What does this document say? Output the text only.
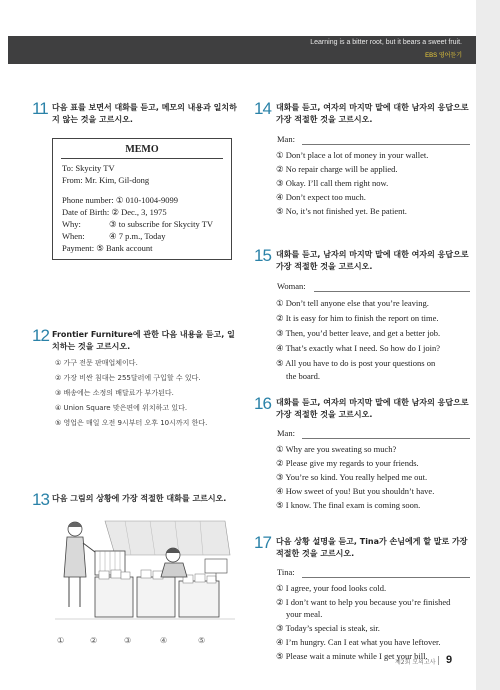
Learning is a bitter root, but it bears a sweet fruit.
EBS 영어듣기
11 다음 표를 보면서 대화를 듣고, 메모의 내용과 일치하지 않는 것을 고르시오.
MEMO
To: Skycity TV
From: Mr. Kim, Gil-dong
Phone number: ① 010-1004-9099
Date of Birth: ② Dec., 3, 1975
Why:	③ to subscribe for Skycity TV
When:	④ 7 p.m., Today
Payment: ⑤ Bank account
12 Frontier Furniture에 관한 다음 내용을 듣고, 일치하는 것을 고르시오.
① 가구 전문 판매업체이다.
② 가장 비싼 침대는 255달러에 구입할 수 있다.
③ 배송에는 소정의 배달료가 부가된다.
④ Union Square 맞은편에 위치하고 있다.
⑤ 영업은 매일 오전 9시부터 오후 10시까지 한다.
13 다음 그림의 상황에 가장 적절한 대화를 고르시오.
①	②	③	④	⑤
14 대화를 듣고, 여자의 마지막 말에 대한 남자의 응답으로 가장 적절한 것을 고르시오.
Man:
① Don’t place a lot of money in your wallet.
② No repair charge will be applied.
③ Okay. I’ll call them right now.
④ Don’t expect too much.
⑤ No, it’s not finished yet. Be patient.
15 대화를 듣고, 남자의 마지막 말에 대한 여자의 응답으로 가장 적절한 것을 고르시오.
Woman:
① Don’t tell anyone else that you’re leaving.
② It is easy for him to finish the report on time.
③ Then, you’d better leave, and get a better job.
④ That’s exactly what I need. So how do I join?
⑤ All you have to do is post your questions on
the board.
16 대화를 듣고, 여자의 마지막 말에 대한 남자의 응답으로 가장 적절한 것을 고르시오.
Man:
① Why are you sweating so much?
② Please give my regards to your friends.
③ You’re so kind. You really helped me out.
④ How sweet of you! But you shouldn’t have.
⑤ I know. The final exam is coming soon.
17 다음 상황 설명을 듣고, Tina가 손님에게 할 말로 가장 적절한 것을 고르시오.
Tina:
① I agree, your food looks cold.
② I don’t want to help you because you’re finished
your meal.
③ Today’s special is steak, sir.
④ I’m hungry. Can I eat what you have leftover.
⑤ Please wait a minute while I get your bill.
제2회 모의고사 9
